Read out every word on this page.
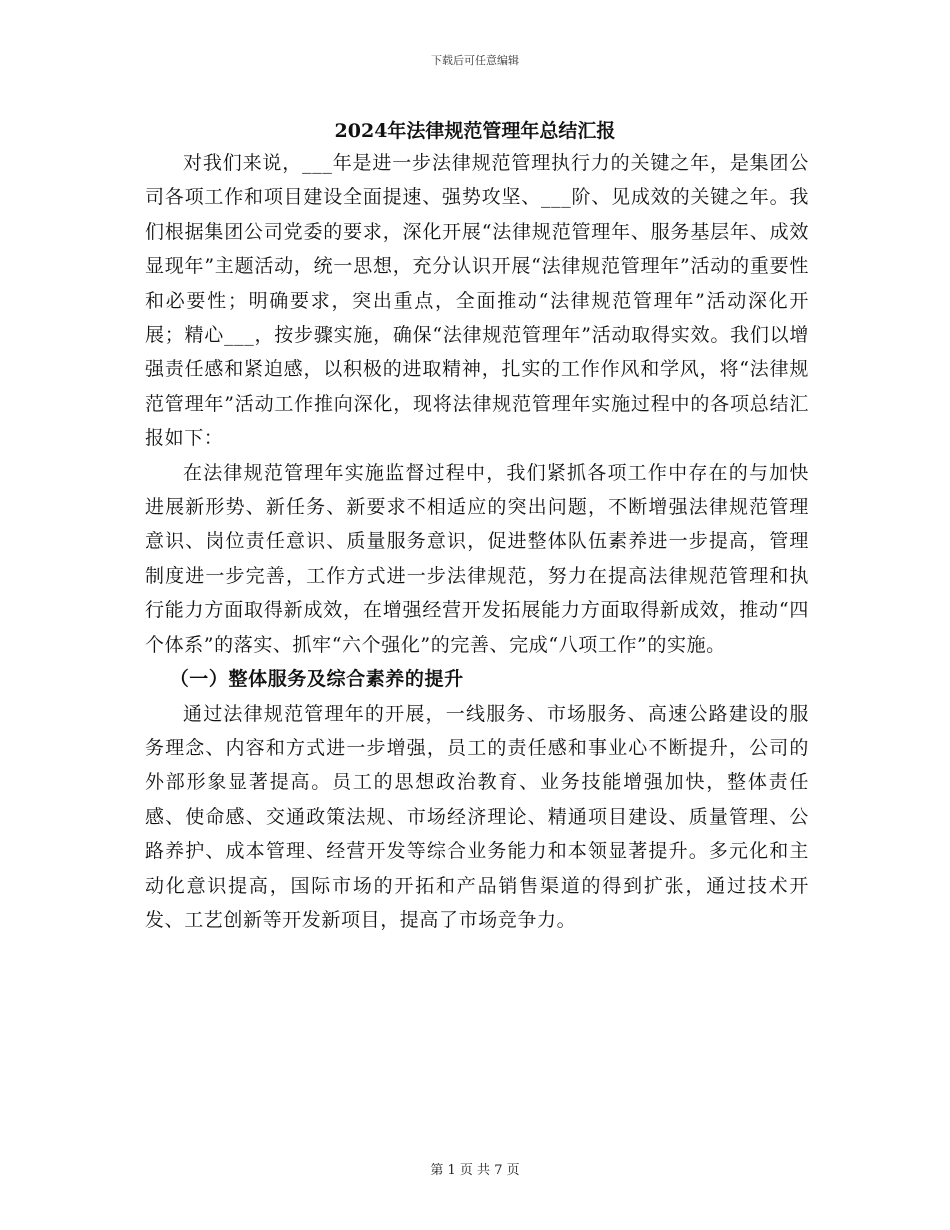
下载后可任意编辑
2024年法律规范管理年总结汇报

对我们来说，___年是进一步法律规范管理执行力的关键之年，是集团公司各项工作和项目建设全面提速、强势攻坚、___阶、见成效的关键之年。我们根据集团公司党委的要求，深化开展“法律规范管理年、服务基层年、成效显现年”主题活动，统一思想，充分认识开展“法律规范管理年”活动的重要性和必要性；明确要求，突出重点，全面推动“法律规范管理年”活动深化开展；精心___，按步骤实施，确保“法律规范管理年”活动取得实效。我们以增强责任感和紧迫感，以积极的进取精神，扎实的工作作风和学风，将“法律规范管理年”活动工作推向深化，现将法律规范管理年实施过程中的各项总结汇报如下：

在法律规范管理年实施监督过程中，我们紧抓各项工作中存在的与加快进展新形势、新任务、新要求不相适应的突出问题，不断增强法律规范管理意识、岗位责任意识、质量服务意识，促进整体队伍素养进一步提高，管理制度进一步完善，工作方式进一步法律规范，努力在提高法律规范管理和执行能力方面取得新成效，在增强经营开发拓展能力方面取得新成效，推动“四个体系”的落实、抓牢“六个强化”的完善、完成“八项工作”的实施。

（一）整体服务及综合素养的提升

通过法律规范管理年的开展，一线服务、市场服务、高速公路建设的服务理念、内容和方式进一步增强，员工的责任感和事业心不断提升，公司的外部形象显著提高。员工的思想政治教育、业务技能增强加快，整体责任感、使命感、交通政策法规、市场经济理论、精通项目建设、质量管理、公路养护、成本管理、经营开发等综合业务能力和本领显著提升。多元化和主动化意识提高，国际市场的开拓和产品销售渠道的得到扩张，通过技术开发、工艺创新等开发新项目，提高了市场竞争力。

第 1 页 共 7 页
